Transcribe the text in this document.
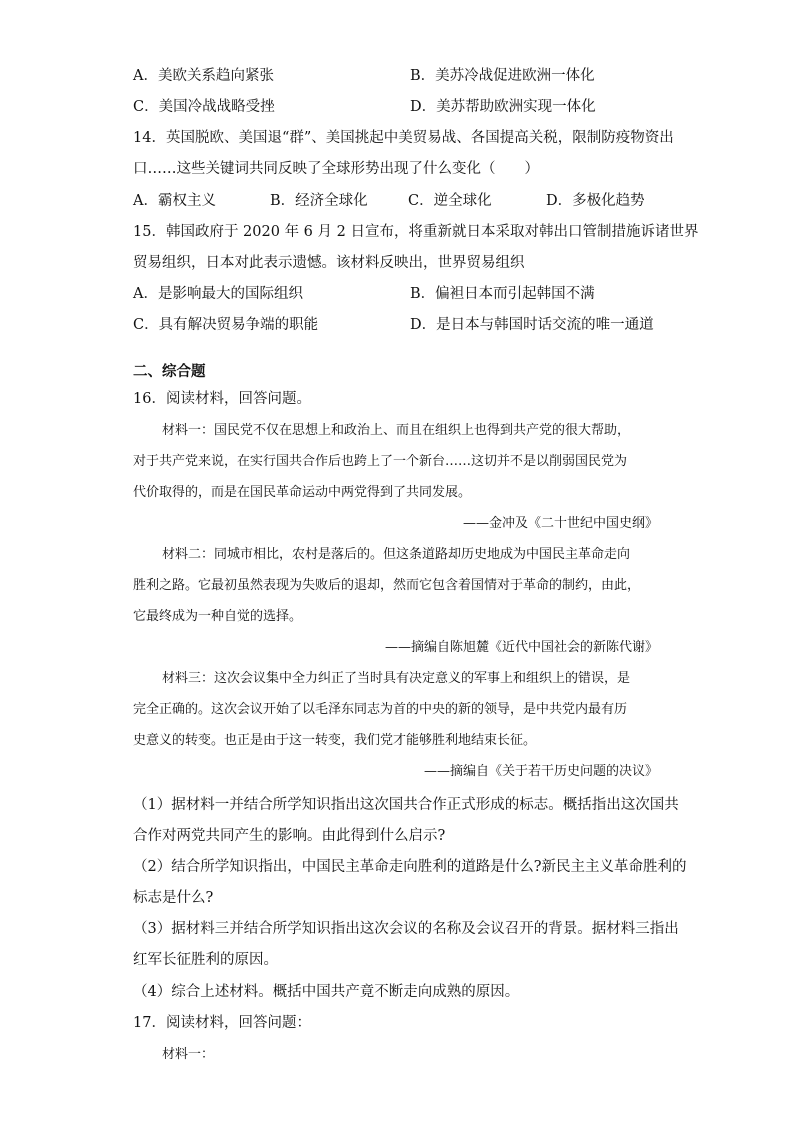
A．美欧关系趋向紧张	B．美苏冷战促进欧洲一体化
C．美国冷战战略受挫	D．美苏帮助欧洲实现一体化
14．英国脱欧、美国退“群”、美国挑起中美贸易战、各国提高关税，限制防疫物资出
口……这些关键词共同反映了全球形势出现了什么变化（　　）
A．霸权主义	B．经济全球化	C．逆全球化	D．多极化趋势
15．韩国政府于 2020 年 6 月 2 日宣布，将重新就日本采取对韩出口管制措施诉诸世界
贸易组织，日本对此表示遗憾。该材料反映出，世界贸易组织
A．是影响最大的国际组织	B．偏袒日本而引起韩国不满
C．具有解决贸易争端的职能	D．是日本与韩国时话交流的唯一通道
二、综合题
16．阅读材料，回答问题。
材料一：国民党不仅在思想上和政治上、而且在组织上也得到共产党的很大帮助，
对于共产党来说，在实行国共合作后也跨上了一个新台……这切并不是以削弱国民党为
代价取得的，而是在国民革命运动中两党得到了共同发展。
——金冲及《二十世纪中国史纲》
材料二：同城市相比，农村是落后的。但这条道路却历史地成为中国民主革命走向
胜利之路。它最初虽然表现为失败后的退却，然而它包含着国情对于革命的制约，由此，
它最终成为一种自觉的选择。
——摘编自陈旭麓《近代中国社会的新陈代谢》
材料三：这次会议集中全力纠正了当时具有决定意义的军事上和组织上的错误，是
完全正确的。这次会议开始了以毛泽东同志为首的中央的新的领导，是中共党内最有历
史意义的转变。也正是由于这一转变，我们党才能够胜利地结束长征。
——摘编自《关于若干历史问题的决议》
（1）据材料一并结合所学知识指出这次国共合作正式形成的标志。概括指出这次国共
合作对两党共同产生的影响。由此得到什么启示?
（2）结合所学知识指出，中国民主革命走向胜利的道路是什么?新民主主义革命胜利的
标志是什么?
（3）据材料三并结合所学知识指出这次会议的名称及会议召开的背景。据材料三指出
红军长征胜利的原因。
（4）综合上述材料。概括中国共产竟不断走向成熟的原因。
17．阅读材料，回答问题：
材料一：
